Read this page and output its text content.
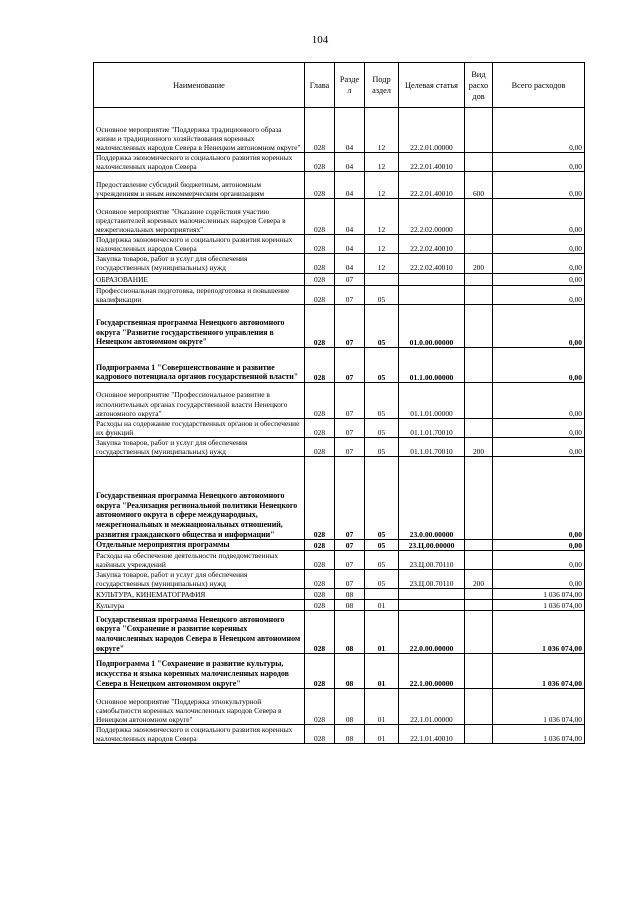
104
Наименование	Глава	Разде л	Подр аздел	Целевая статья	Вид расхо дов	Всего расходов
Основное мероприятие "Поддержка традиционного образа жизни и традиционного хозяйствования коренных малочисленных народов Севера в Ненецком автономном округе"	028	04	12	22.2.01.00000		0,00
Поддержка экономического и социального развития коренных малочисленных народов Севера	028	04	12	22.2.01.40010		0,00
Предоставление субсидий бюджетным, автономным учреждениям и иным некоммерческим организациям	028	04	12	22.2.01.40010	600	0,00
Основное мероприятие "Оказание содействия участию представителей коренных малочисленных народов Севера в межрегиональных мероприятиях"	028	04	12	22.2.02.00000		0,00
Поддержка экономического и социального развития коренных малочисленных народов Севера	028	04	12	22.2.02.40010		0,00
Закупка товаров, работ и услуг для обеспечения государственных (муниципальных) нужд	028	04	12	22.2.02.40010	200	0,00
ОБРАЗОВАНИЕ	028	07				0,00
Профессиональная подготовка, переподготовка и повышение квалификации	028	07	05			0,00
Государственная программа Ненецкого автономного округа "Развитие государственного управления в Ненецком автономном округе"	028	07	05	01.0.00.00000		0,00
Подпрограмма 1 "Совершенствование и развитие кадрового потенциала органов государственной власти"	028	07	05	01.1.00.00000		0,00
Основное мероприятие "Профессиональное развитие в исполнительных органах государственной власти Ненецкого автономного округа"	028	07	05	01.1.01.00000		0,00
Расходы на содержание государственных органов и обеспечение их функций	028	07	05	01.1.01.70010		0,00
Закупка товаров, работ и услуг для обеспечения государственных (муниципальных) нужд	028	07	05	01.1.01.70010	200	0,00
Государственная программа Ненецкого автономного округа "Реализация региональной политики Ненецкого автономного округа в сфере международных, межрегиональных и межнациональных отношений, развития гражданского общества и информации"	028	07	05	23.0.00.00000		0,00
Отдельные мероприятия программы	028	07	05	23.Ц.00.00000		0,00
Расходы на обеспечение деятельности подведомственных казённых учреждений	028	07	05	23.Ц.00.70110		0,00
Закупка товаров, работ и услуг для обеспечения государственных (муниципальных) нужд	028	07	05	23.Ц.00.70110	200	0,00
КУЛЬТУРА, КИНЕМАТОГРАФИЯ	028	08				1 036 074,00
Культура	028	08	01			1 036 074,00
Государственная программа Ненецкого автономного округа "Сохранение и развитие коренных малочисленных народов Севера в Ненецком автономном округе"	028	08	01	22.0.00.00000		1 036 074,00
Подпрограмма 1 "Сохранение и развитие культуры, искусства и языка коренных малочисленных народов Севера в Ненецком автономном округе"	028	08	01	22.1.00.00000		1 036 074,00
Основное мероприятие "Поддержка этнокультурной самобытности коренных малочисленных народов Севера в Ненецком автономном округе"	028	08	01	22.1.01.00000		1 036 074,00
Поддержка экономического и социального развития коренных малочисленных народов Севера	028	08	01	22.1.01.40010		1 036 074,00
